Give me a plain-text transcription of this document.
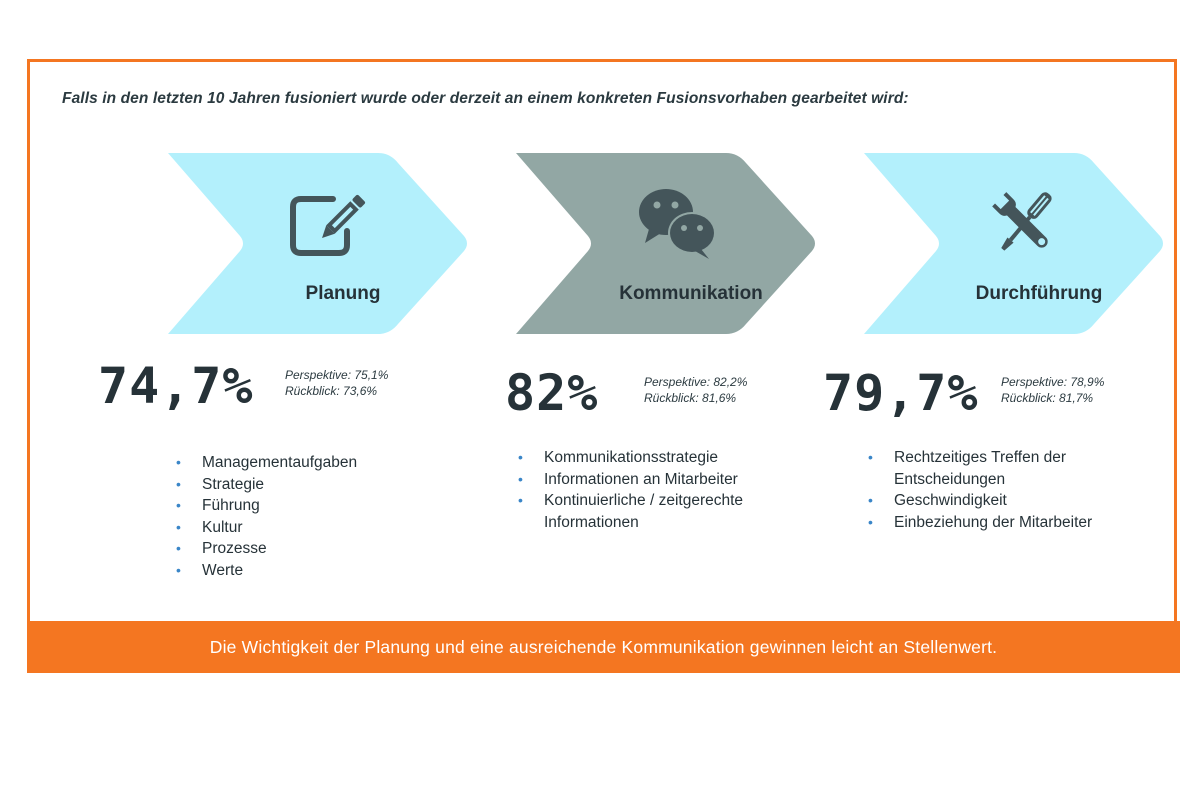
Falls in den letzten 10 Jahren fusioniert wurde oder derzeit an einem konkreten Fusionsvorhaben gearbeitet wird:
Planung
74,7%	Perspektive: 75,1%
Rückblick: 73,6%
• Managementaufgaben
• Strategie
• Führung
• Kultur
• Prozesse
• Werte
Kommunikation
82%	Perspektive: 82,2%
Rückblick: 81,6%
• Kommunikationsstrategie
• Informationen an Mitarbeiter
• Kontinuierliche / zeitgerechte Informationen
Durchführung
79,7% Perspektive: 78,9%
Rückblick: 81,7%
• Rechtzeitiges Treffen der Entscheidungen
• Geschwindigkeit
• Einbeziehung der Mitarbeiter
Die Wichtigkeit der Planung und eine ausreichende Kommunikation gewinnen leicht an Stellenwert.
